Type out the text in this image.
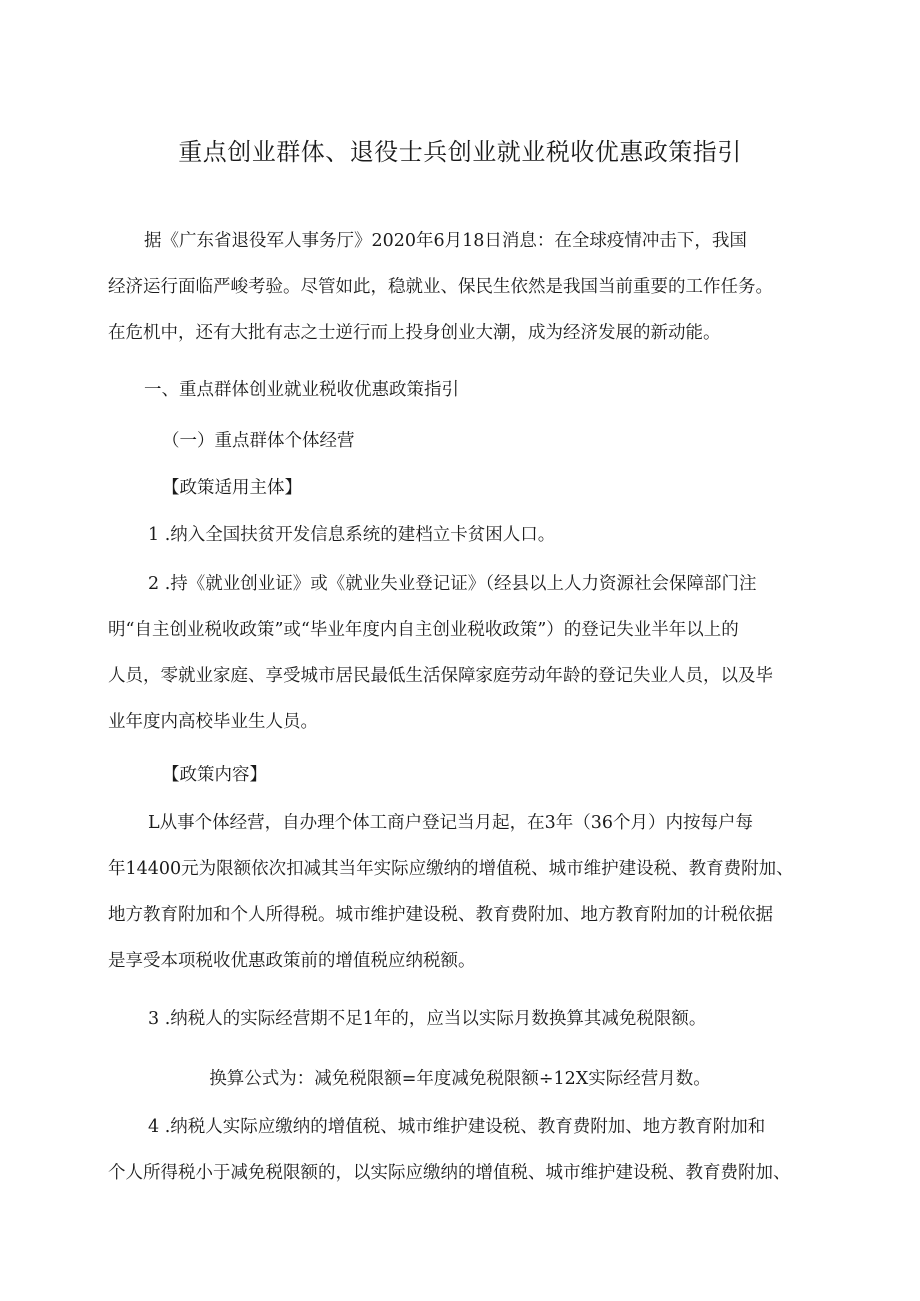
重点创业群体、退役士兵创业就业税收优惠政策指引
据《广东省退役军人事务厅》2020年6月18日消息：在全球疫情冲击下，我国
经济运行面临严峻考验。尽管如此，稳就业、保民生依然是我国当前重要的工作任务。
在危机中，还有大批有志之士逆行而上投身创业大潮，成为经济发展的新动能。
一、重点群体创业就业税收优惠政策指引
（一）重点群体个体经营
【政策适用主体】
1 .纳入全国扶贫开发信息系统的建档立卡贫困人口。
2 .持《就业创业证》或《就业失业登记证》（经县以上人力资源社会保障部门注
明“自主创业税收政策”或“毕业年度内自主创业税收政策”）的登记失业半年以上的
人员，零就业家庭、享受城市居民最低生活保障家庭劳动年龄的登记失业人员，以及毕
业年度内高校毕业生人员。
【政策内容】
L从事个体经营，自办理个体工商户登记当月起，在3年（36个月）内按每户每
年14400元为限额依次扣减其当年实际应缴纳的增值税、城市维护建设税、教育费附加、
地方教育附加和个人所得税。城市维护建设税、教育费附加、地方教育附加的计税依据
是享受本项税收优惠政策前的增值税应纳税额。
3 .纳税人的实际经营期不足1年的，应当以实际月数换算其减免税限额。
换算公式为：减免税限额=年度减免税限额÷12X实际经营月数。
4 .纳税人实际应缴纳的增值税、城市维护建设税、教育费附加、地方教育附加和
个人所得税小于减免税限额的，以实际应缴纳的增值税、城市维护建设税、教育费附加、
